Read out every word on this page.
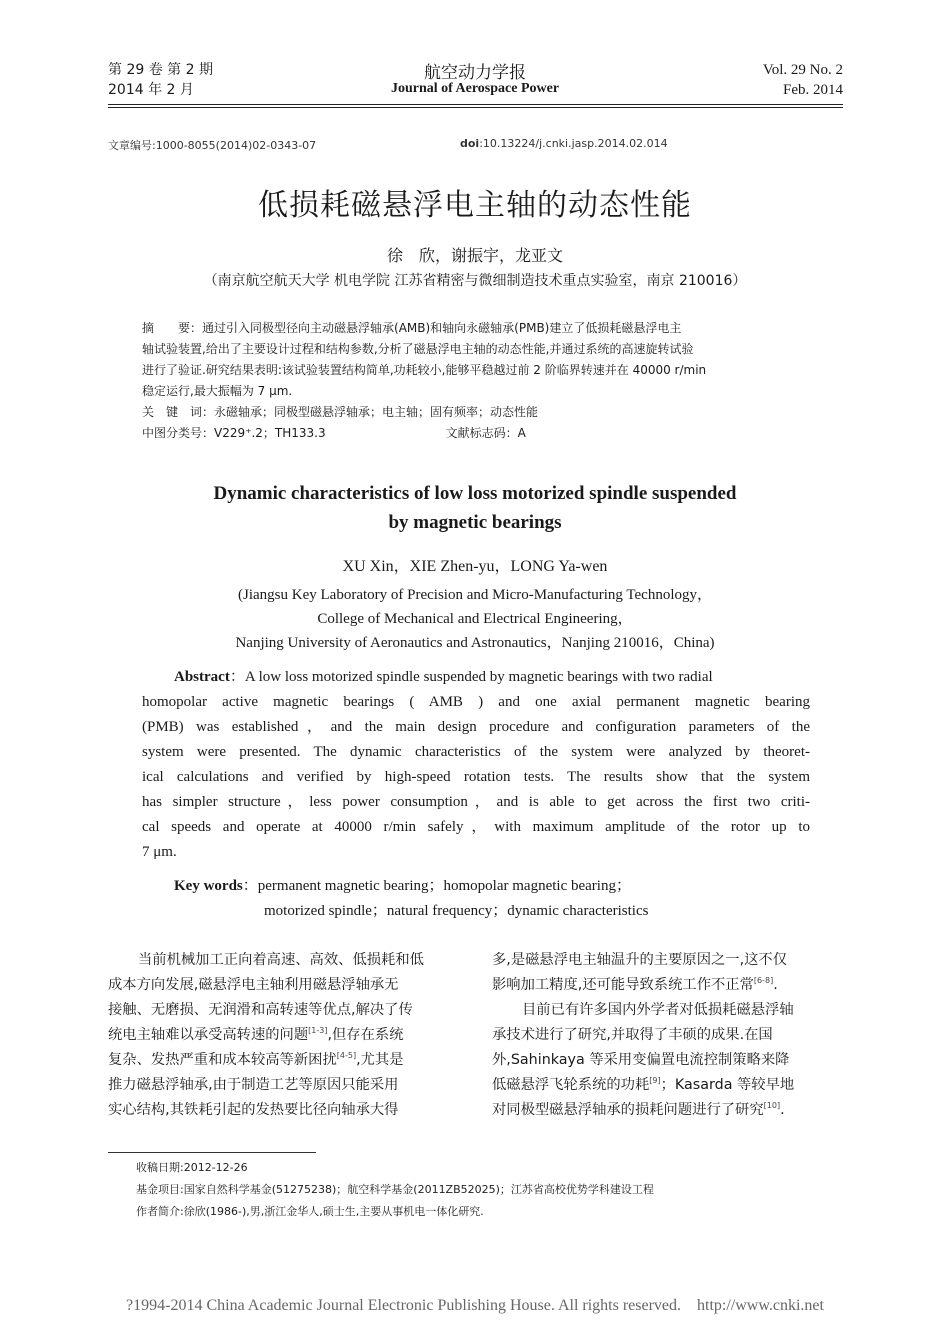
第 29 卷 第 2 期
2014 年 2 月
航空动力学报
Journal of Aerospace Power
Vol. 29 No. 2
Feb. 2014
文章编号:1000-8055(2014)02-0343-07	doi:10.13224/j.cnki.jasp.2014.02.014
低损耗磁悬浮电主轴的动态性能
徐　欣，谢振宇，龙亚文
（南京航空航天大学 机电学院 江苏省精密与微细制造技术重点实验室，南京 210016）
摘　　要：通过引入同极型径向主动磁悬浮轴承(AMB)和轴向永磁轴承(PMB)建立了低损耗磁悬浮电主
轴试验装置,给出了主要设计过程和结构参数,分析了磁悬浮电主轴的动态性能,并通过系统的高速旋转试验
进行了验证.研究结果表明:该试验装置结构简单,功耗较小,能够平稳越过前 2 阶临界转速并在 40000 r/min
稳定运行,最大振幅为 7 μm.
关　键　词：永磁轴承；同极型磁悬浮轴承；电主轴；固有频率；动态性能
中图分类号：V229⁺.2；TH133.3	文献标志码：A
Dynamic characteristics of low loss motorized spindle suspended
by magnetic bearings
XU Xin，XIE Zhen-yu，LONG Ya-wen
(Jiangsu Key Laboratory of Precision and Micro-Manufacturing Technology，
College of Mechanical and Electrical Engineering，
Nanjing University of Aeronautics and Astronautics，Nanjing 210016，China)
Abstract：A low loss motorized spindle suspended by magnetic bearings with two radial
homopolar active magnetic bearings ( AMB ) and one axial permanent magnetic bearing
(PMB) was established，and the main design procedure and configuration parameters of the
system were presented. The dynamic characteristics of the system were analyzed by theoret-
ical calculations and verified by high-speed rotation tests. The results show that the system
has simpler structure，less power consumption，and is able to get across the first two criti-
cal speeds and operate at 40000 r/min safely，with maximum amplitude of the rotor up to
7 μm.
Key words：permanent magnetic bearing；homopolar magnetic bearing；
motorized spindle；natural frequency；dynamic characteristics
当前机械加工正向着高速、高效、低损耗和低
成本方向发展,磁悬浮电主轴利用磁悬浮轴承无
接触、无磨损、无润滑和高转速等优点,解决了传
统电主轴难以承受高转速的问题[1-3],但存在系统
复杂、发热严重和成本较高等新困扰[4-5],尤其是
推力磁悬浮轴承,由于制造工艺等原因只能采用
实心结构,其铁耗引起的发热要比径向轴承大得
多,是磁悬浮电主轴温升的主要原因之一,这不仅
影响加工精度,还可能导致系统工作不正常[6-8].
目前已有许多国内外学者对低损耗磁悬浮轴
承技术进行了研究,并取得了丰硕的成果.在国
外,Sahinkaya 等采用变偏置电流控制策略来降
低磁悬浮飞轮系统的功耗[9]；Kasarda 等较早地
对同极型磁悬浮轴承的损耗问题进行了研究[10].
收稿日期:2012-12-26
基金项目:国家自然科学基金(51275238)；航空科学基金(2011ZB52025)；江苏省高校优势学科建设工程
作者简介:徐欣(1986-),男,浙江金华人,硕士生,主要从事机电一体化研究.
?1994-2014 China Academic Journal Electronic Publishing House. All rights reserved.    http://www.cnki.net
